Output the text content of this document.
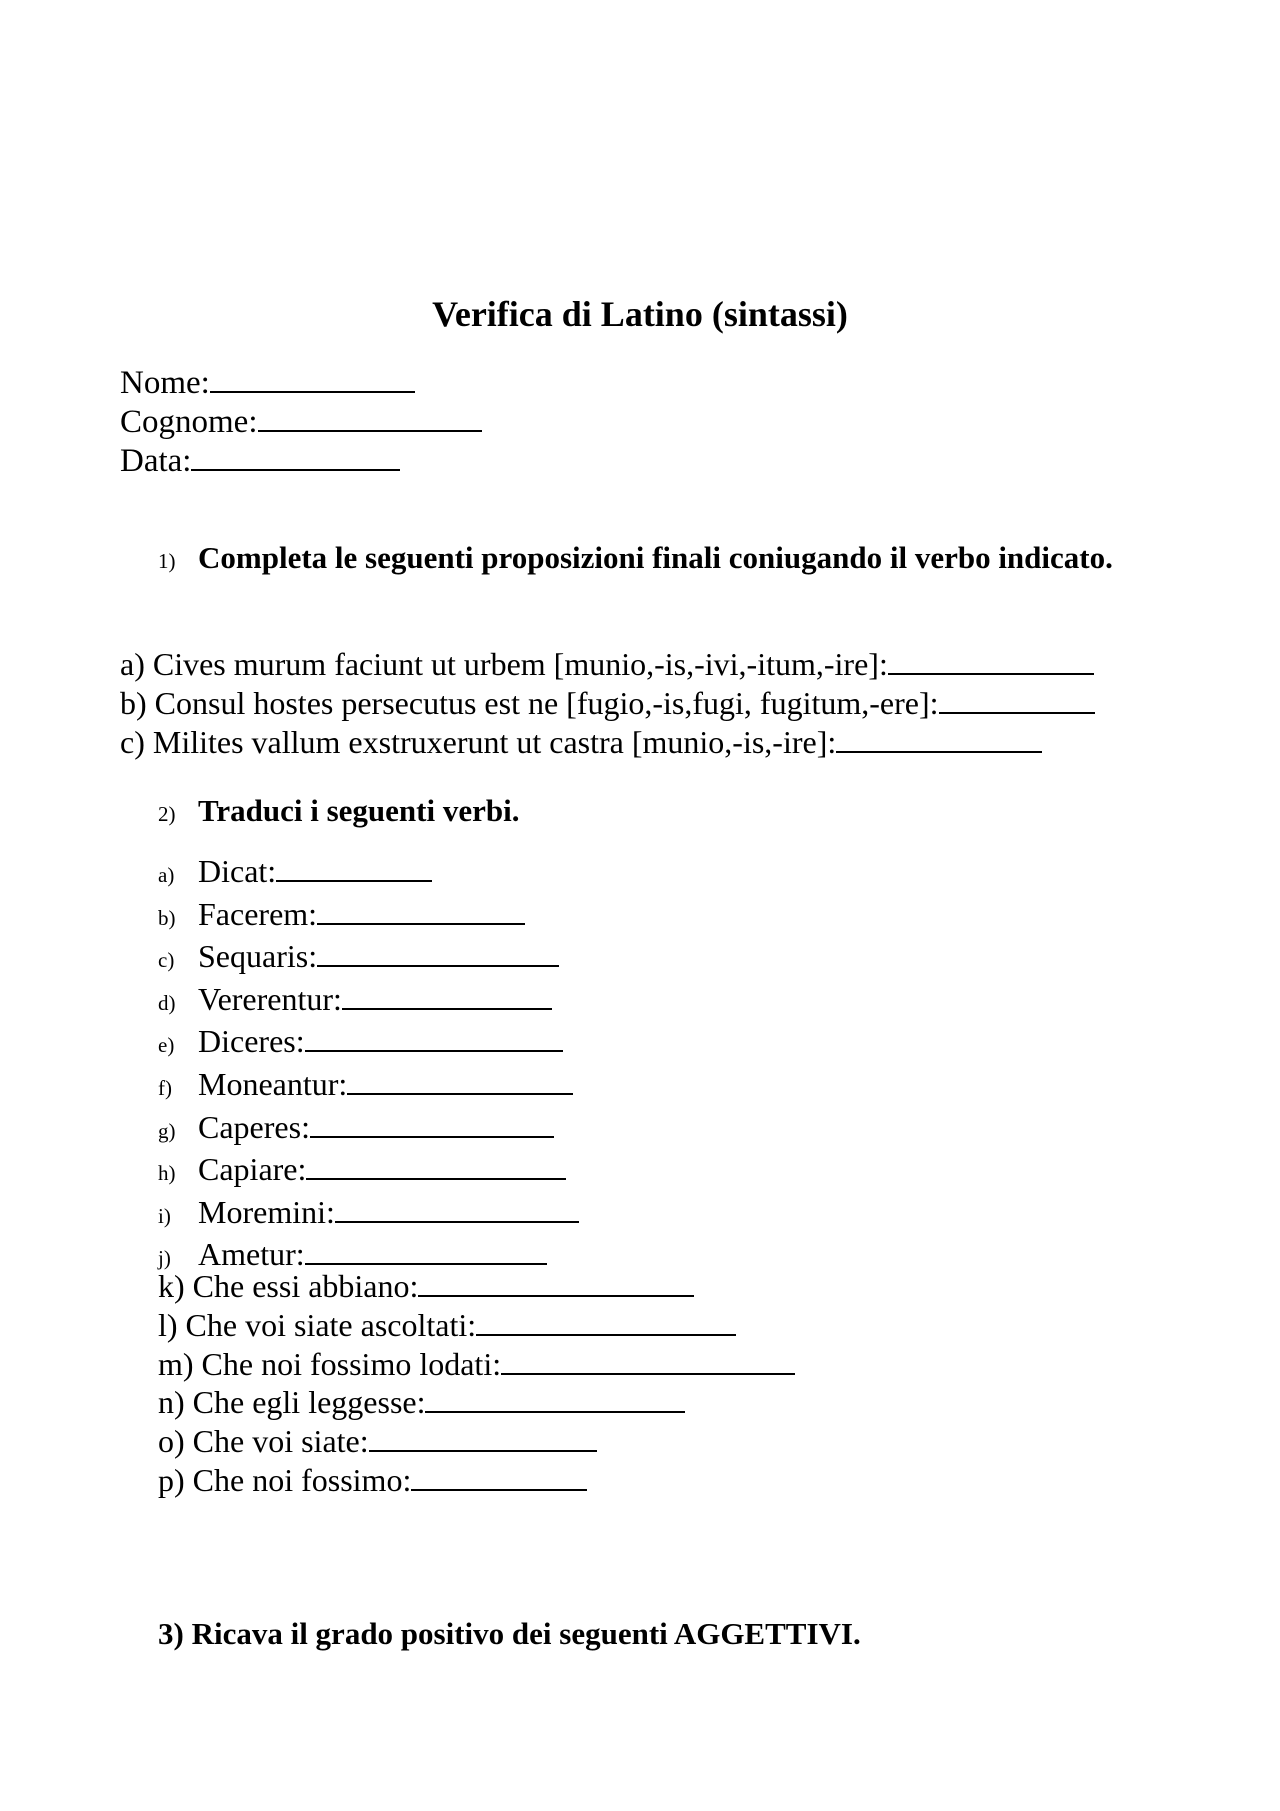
Verifica di Latino (sintassi)
Nome:
Cognome:
Data:
1) Completa le seguenti proposizioni finali coniugando il verbo indicato.
a) Cives murum faciunt ut urbem [munio,-is,-ivi,-itum,-ire]:
b) Consul hostes persecutus est ne [fugio,-is,fugi, fugitum,-ere]:
c) Milites vallum exstruxerunt ut castra [munio,-is,-ire]:
2) Traduci i seguenti verbi.
a) Dicat:
b) Facerem:
c) Sequaris:
d) Vererentur:
e) Diceres:
f) Moneantur:
g) Caperes:
h) Capiare:
i) Moremini:
j) Ametur:
k) Che essi abbiano:
l) Che voi siate ascoltati:
m) Che noi fossimo lodati:
n) Che egli leggesse:
o) Che voi siate:
p) Che noi fossimo:
3) Ricava il grado positivo dei seguenti AGGETTIVI.
